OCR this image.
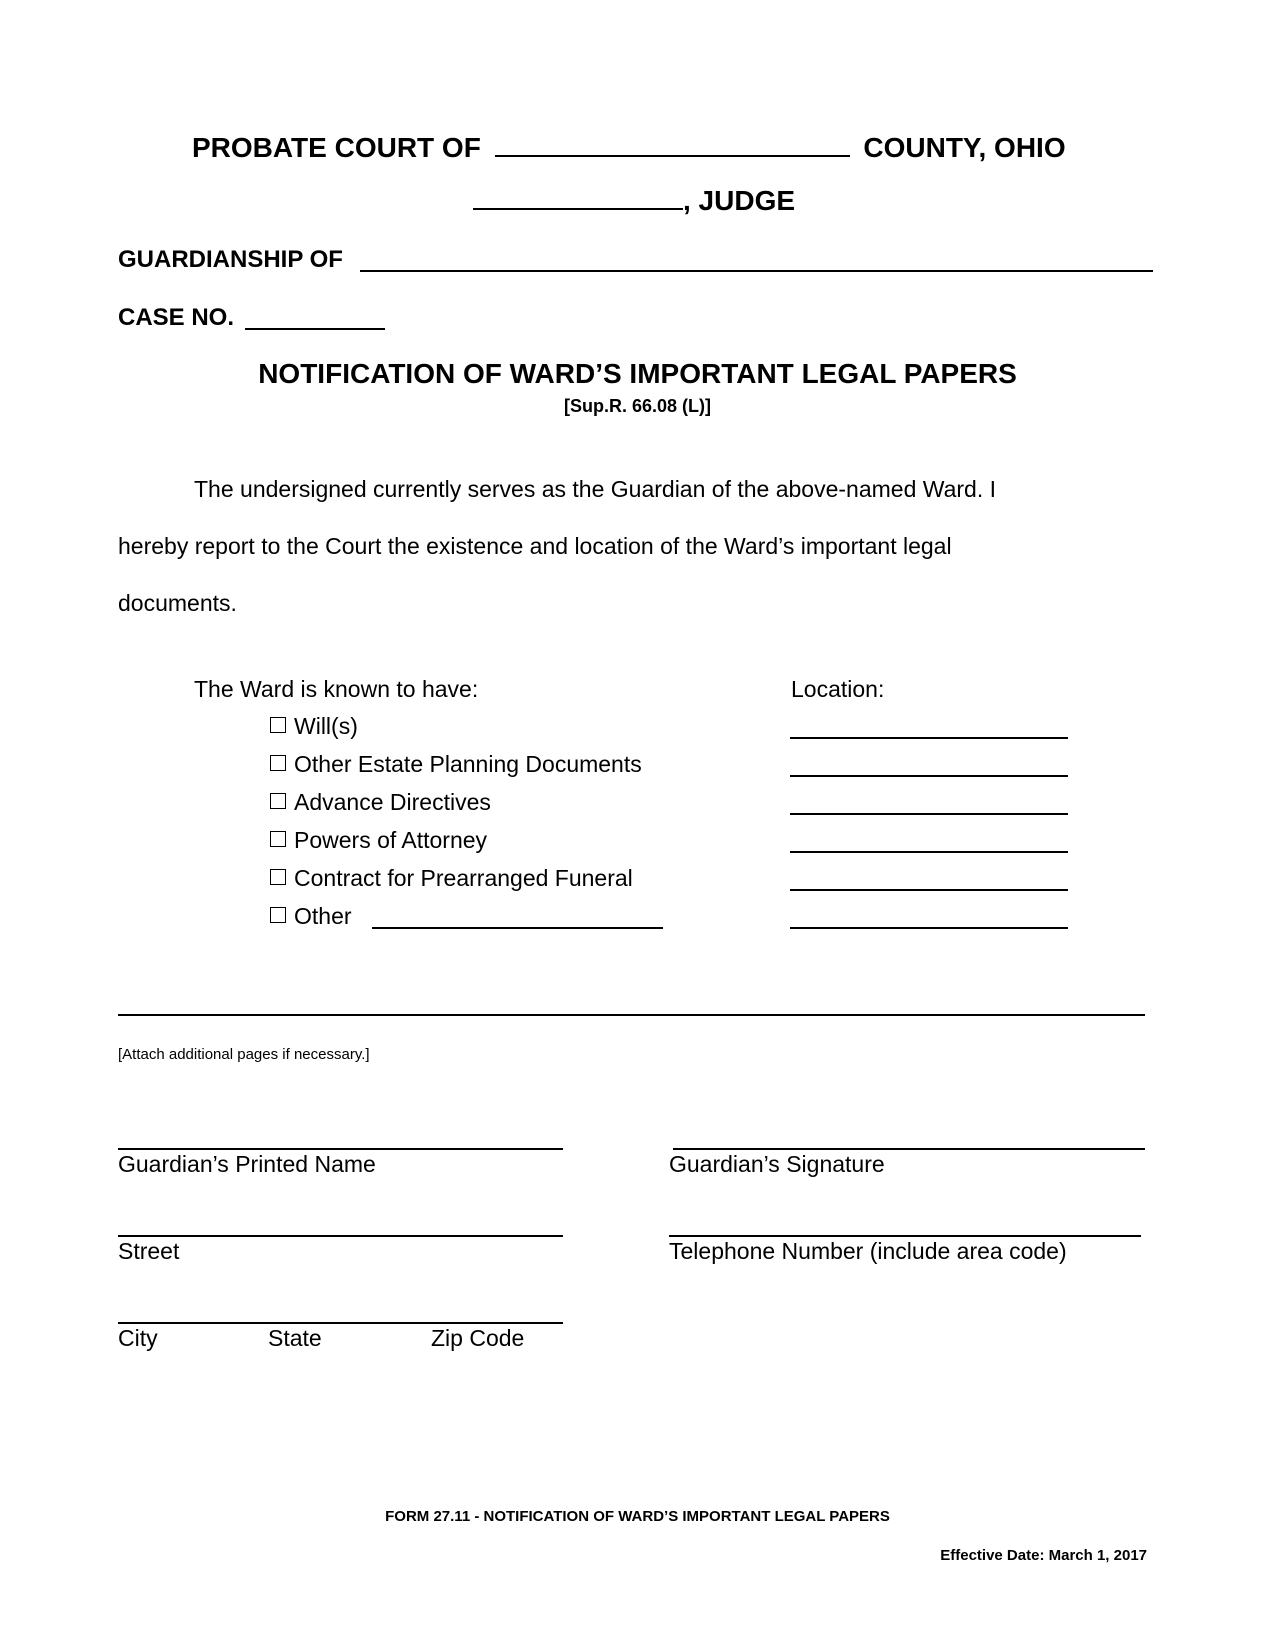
PROBATE COURT OF	COUNTY, OHIO
, JUDGE
GUARDIANSHIP OF
CASE NO.
NOTIFICATION OF WARD’S IMPORTANT LEGAL PAPERS
[Sup.R. 66.08 (L)]
The undersigned currently serves as the Guardian of the above-named Ward. I
hereby report to the Court the existence and location of the Ward’s important legal
documents.
The Ward is known to have:	Location:
Will(s)
Other Estate Planning Documents
Advance Directives
Powers of Attorney
Contract for Prearranged Funeral
Other
[Attach additional pages if necessary.]
Guardian’s Printed Name	Guardian’s Signature
Street	Telephone Number (include area code)
City	State	Zip Code
FORM 27.11 - NOTIFICATION OF WARD’S IMPORTANT LEGAL PAPERS
Effective Date: March 1, 2017
